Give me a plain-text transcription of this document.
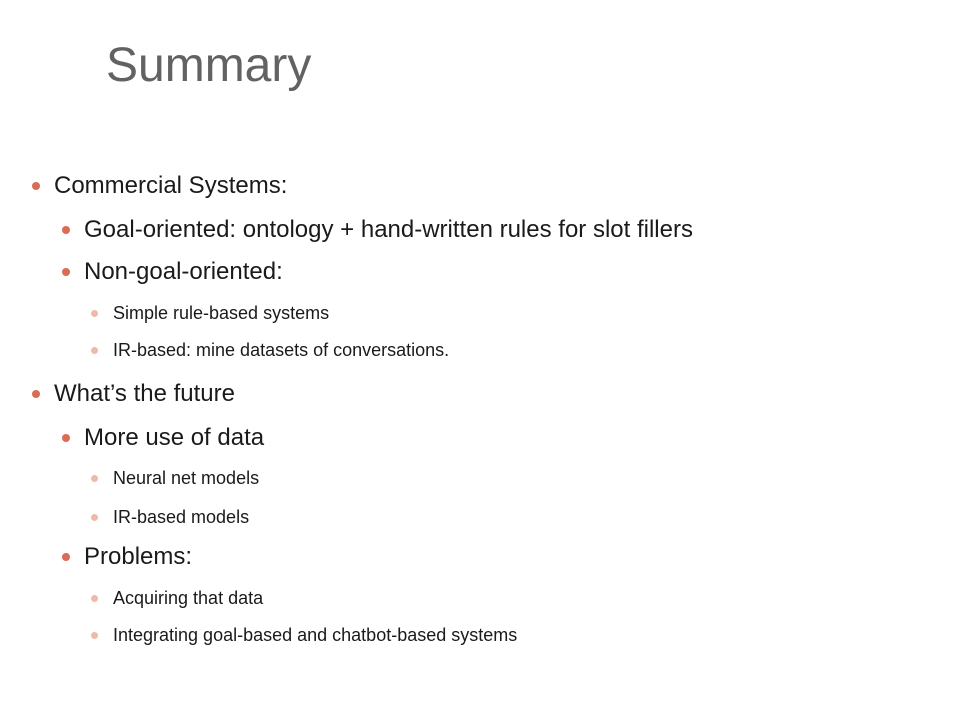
Summary
Commercial Systems:
Goal-oriented: ontology + hand-written rules for slot fillers
Non-goal-oriented:
Simple rule-based systems
IR-based: mine datasets of conversations.
What’s the future
More use of data
Neural net models
IR-based models
Problems:
Acquiring that data
Integrating goal-based and chatbot-based systems
